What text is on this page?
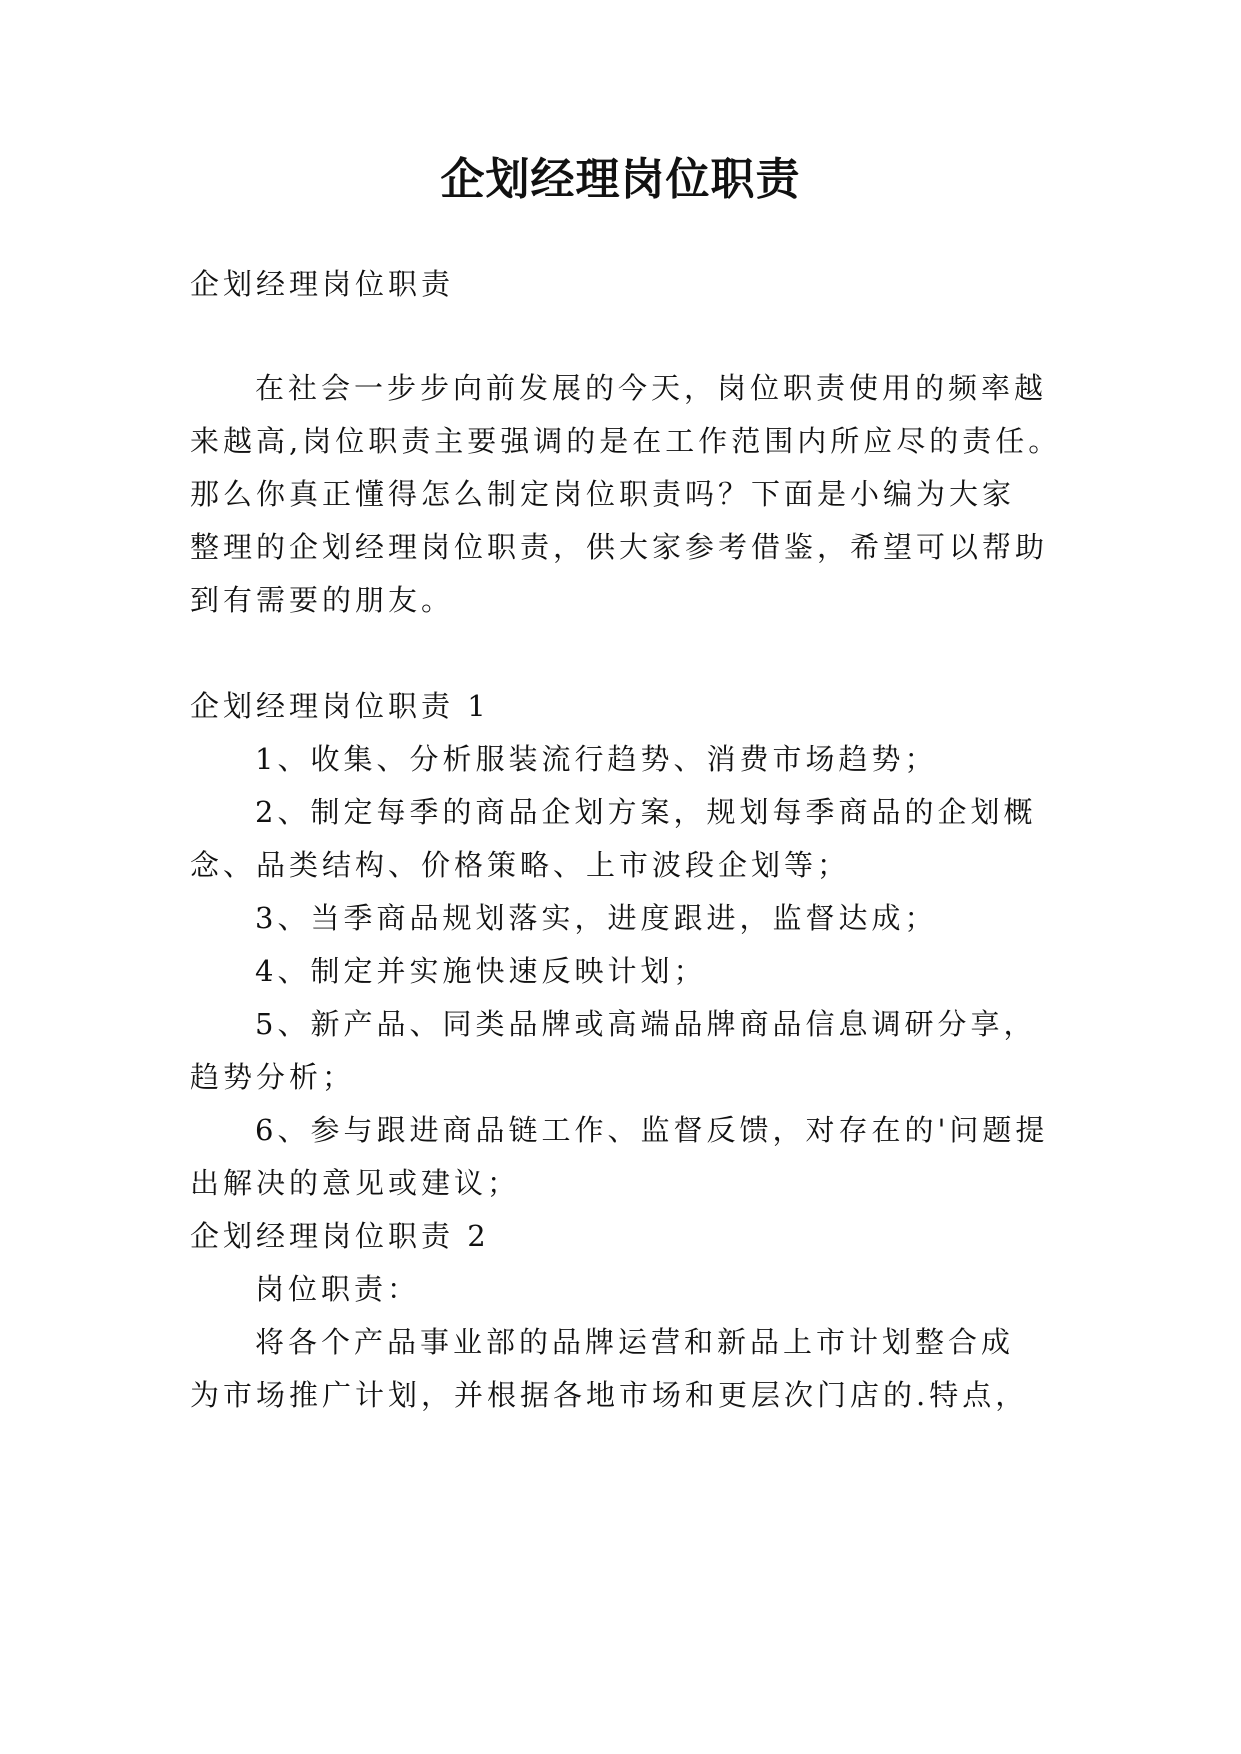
企划经理岗位职责
企划经理岗位职责
在社会一步步向前发展的今天，岗位职责使用的频率越
来越高,岗位职责主要强调的是在工作范围内所应尽的责任。
那么你真正懂得怎么制定岗位职责吗？下面是小编为大家
整理的企划经理岗位职责，供大家参考借鉴，希望可以帮助
到有需要的朋友。
企划经理岗位职责 1
1、收集、分析服装流行趋势、消费市场趋势；
2、制定每季的商品企划方案，规划每季商品的企划概
念、品类结构、价格策略、上市波段企划等；
3、当季商品规划落实，进度跟进，监督达成；
4、制定并实施快速反映计划；
5、新产品、同类品牌或高端品牌商品信息调研分享，
趋势分析；
6、参与跟进商品链工作、监督反馈，对存在的'问题提
出解决的意见或建议；
企划经理岗位职责 2
岗位职责：
将各个产品事业部的品牌运营和新品上市计划整合成
为市场推广计划，并根据各地市场和更层次门店的.特点，
